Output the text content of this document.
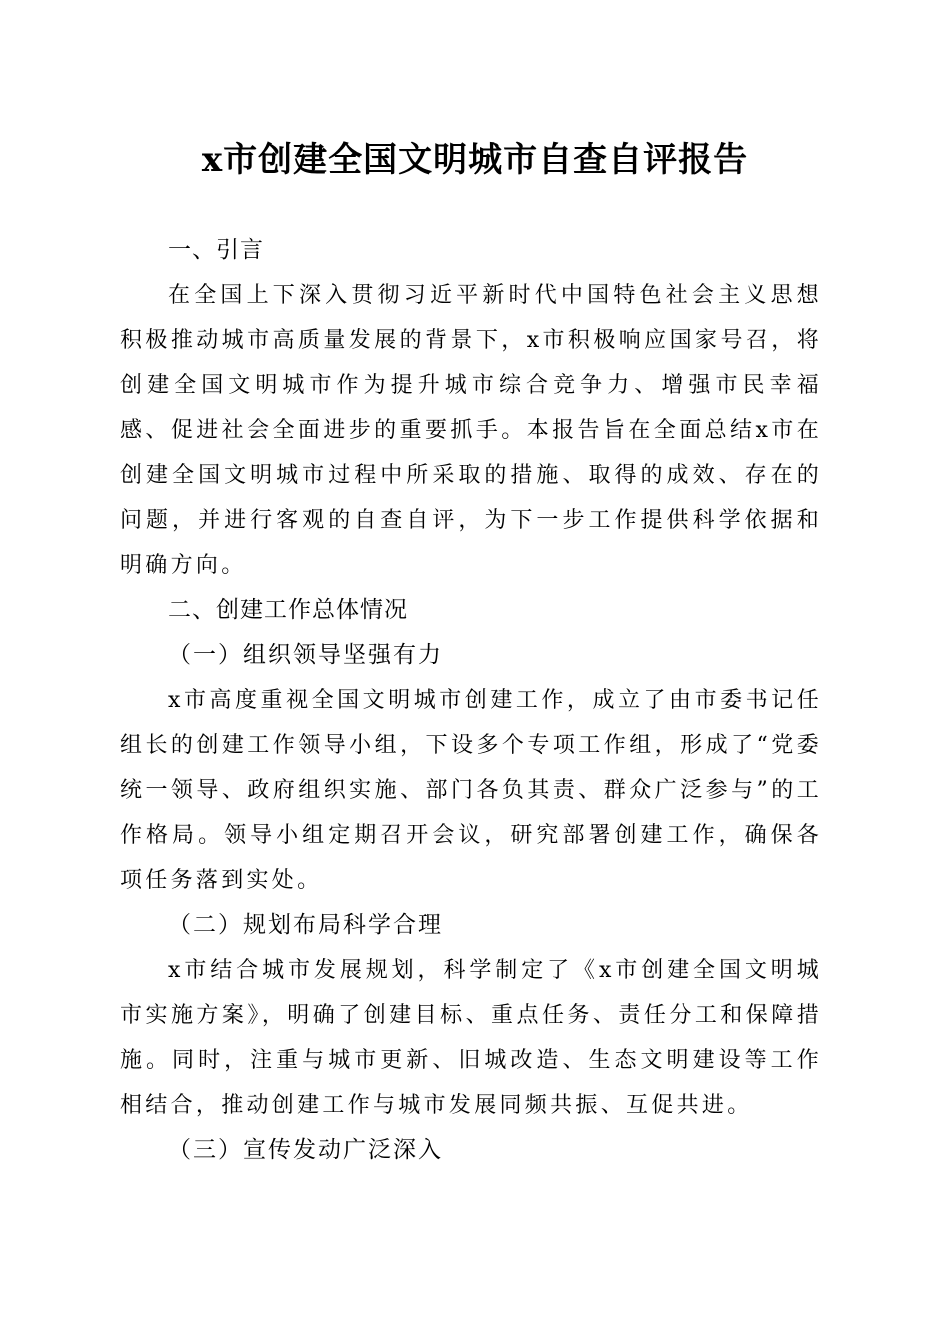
x市创建全国文明城市自查自评报告
一、引言

在全国上下深入贯彻习近平新时代中国特色社会主义思想积极推动城市高质量发展的背景下，x市积极响应国家号召，将创建全国文明城市作为提升城市综合竞争力、增强市民幸福感、促进社会全面进步的重要抓手。本报告旨在全面总结x市在创建全国文明城市过程中所采取的措施、取得的成效、存在的问题，并进行客观的自查自评，为下一步工作提供科学依据和明确方向。

二、创建工作总体情况
（一）组织领导坚强有力

x市高度重视全国文明城市创建工作，成立了由市委书记任组长的创建工作领导小组，下设多个专项工作组，形成了“党委统一领导、政府组织实施、部门各负其责、群众广泛参与”的工作格局。领导小组定期召开会议，研究部署创建工作，确保各项任务落到实处。

（二）规划布局科学合理

x市结合城市发展规划，科学制定了《x市创建全国文明城市实施方案》，明确了创建目标、重点任务、责任分工和保障措施。同时，注重与城市更新、旧城改造、生态文明建设等工作相结合，推动创建工作与城市发展同频共振、互促共进。

（三）宣传发动广泛深入
